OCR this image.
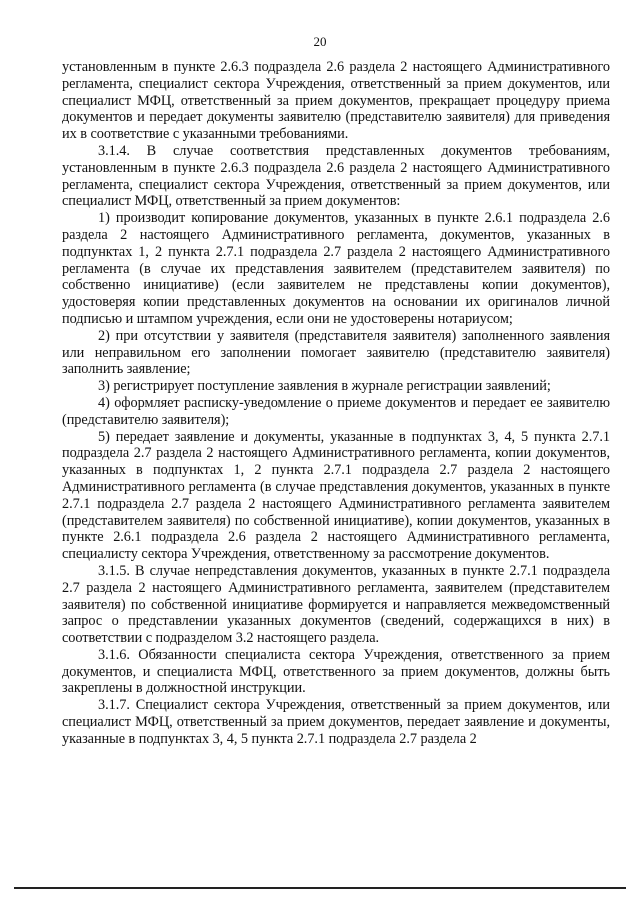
20

установленным в пункте 2.6.3 подраздела 2.6 раздела 2 настоящего Административного регламента, специалист сектора Учреждения, ответственный за прием документов, или специалист МФЦ, ответственный за прием документов, прекращает процедуру приема документов и передает документы заявителю (представителю заявителя) для приведения их в соответствие с указанными требованиями.

3.1.4. В случае соответствия представленных документов требованиям, установленным в пункте 2.6.3 подраздела 2.6 раздела 2 настоящего Административного регламента, специалист сектора Учреждения, ответственный за прием документов, или специалист МФЦ, ответственный за прием документов:

1) производит копирование документов, указанных в пункте 2.6.1 подраздела 2.6 раздела 2 настоящего Административного регламента, документов, указанных в подпунктах 1, 2 пункта 2.7.1 подраздела 2.7 раздела 2 настоящего Административного регламента (в случае их представления заявителем (представителем заявителя) по собственно инициативе) (если заявителем не представлены копии документов), удостоверяя копии представленных документов на основании их оригиналов личной подписью и штампом учреждения, если они не удостоверены нотариусом;

2) при отсутствии у заявителя (представителя заявителя) заполненного заявления или неправильном его заполнении помогает заявителю (представителю заявителя) заполнить заявление;

3) регистрирует поступление заявления в журнале регистрации заявлений;

4) оформляет расписку-уведомление о приеме документов и передает ее заявителю (представителю заявителя);

5) передает заявление и документы, указанные в подпунктах 3, 4, 5 пункта 2.7.1 подраздела 2.7 раздела 2 настоящего Административного регламента, копии документов, указанных в подпунктах 1, 2 пункта 2.7.1 подраздела 2.7 раздела 2 настоящего Административного регламента (в случае представления документов, указанных в пункте 2.7.1 подраздела 2.7 раздела 2 настоящего Административного регламента заявителем (представителем заявителя) по собственной инициативе), копии документов, указанных в пункте 2.6.1 подраздела 2.6 раздела 2 настоящего Административного регламента, специалисту сектора Учреждения, ответственному за рассмотрение документов.

3.1.5. В случае непредставления документов, указанных в пункте 2.7.1 подраздела 2.7 раздела 2 настоящего Административного регламента, заявителем (представителем заявителя) по собственной инициативе формируется и направляется межведомственный запрос о представлении указанных документов (сведений, содержащихся в них) в соответствии с подразделом 3.2 настоящего раздела.

3.1.6. Обязанности специалиста сектора Учреждения, ответственного за прием документов, и специалиста МФЦ, ответственного за прием документов, должны быть закреплены в должностной инструкции.

3.1.7. Специалист сектора Учреждения, ответственный за прием документов, или специалист МФЦ, ответственный за прием документов, передает заявление и документы, указанные в подпунктах 3, 4, 5 пункта 2.7.1 подраздела 2.7 раздела 2
